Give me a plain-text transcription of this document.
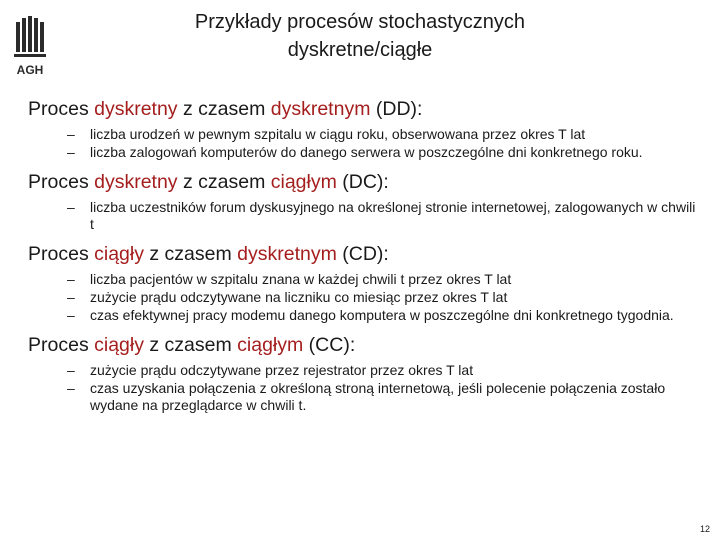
AGH
Przykłady procesów stochastycznych
dyskretne/ciągłe
Proces dyskretny z czasem dyskretnym (DD):
– liczba urodzeń w pewnym szpitalu w ciągu roku, obserwowana przez okres T lat
– liczba zalogowań komputerów do danego serwera w poszczególne dni konkretnego roku.
Proces dyskretny z czasem ciągłym (DC):
– liczba uczestników forum dyskusyjnego na określonej stronie internetowej, zalogowanych w chwili t
Proces ciągły z czasem dyskretnym (CD):
– liczba pacjentów w szpitalu znana w każdej chwili t przez okres T lat
– zużycie prądu odczytywane na liczniku co miesiąc przez okres T lat
– czas efektywnej pracy modemu danego komputera w poszczególne dni konkretnego tygodnia.
Proces ciągły z czasem ciągłym (CC):
– zużycie prądu odczytywane przez rejestrator przez okres T lat
– czas uzyskania połączenia z określoną stroną internetową, jeśli polecenie połączenia zostało wydane na przeglądarce w chwili t.
12
